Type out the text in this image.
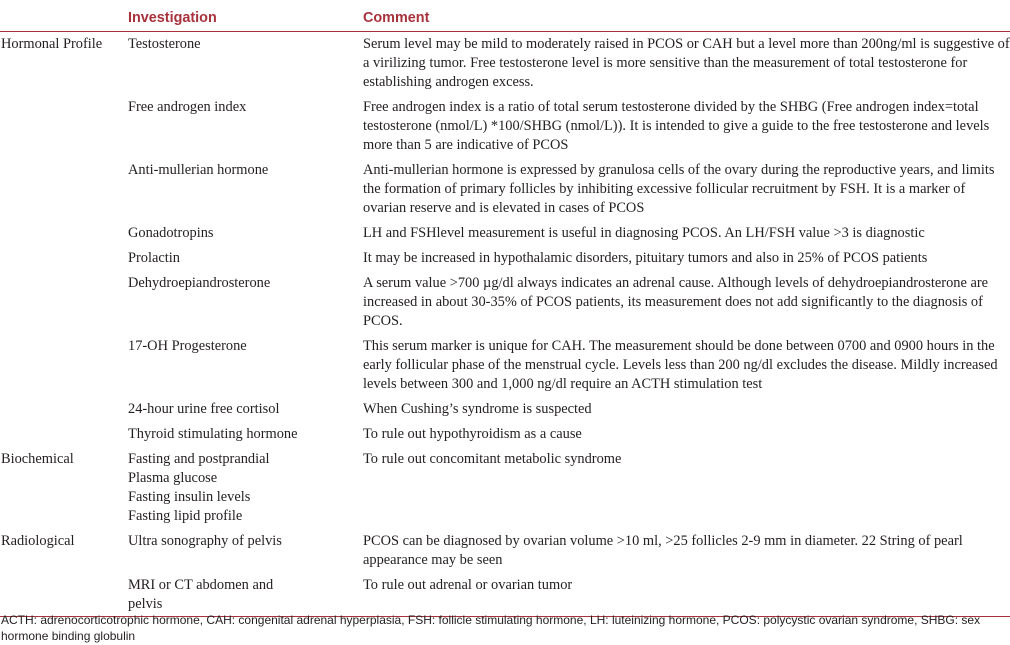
	Investigation	Comment
Hormonal Profile	Testosterone	Serum level may be mild to moderately raised in PCOS or CAH but a level more than 200ng/ml is suggestive of a virilizing tumor. Free testosterone level is more sensitive than the measurement of total testosterone for establishing androgen excess.

	Free androgen index	Free androgen index is a ratio of total serum testosterone divided by the SHBG (Free androgen index=total testosterone (nmol/L) *100/SHBG (nmol/L)). It is intended to give a guide to the free testosterone and levels more than 5 are indicative of PCOS

	Anti-mullerian hormone	Anti-mullerian hormone is expressed by granulosa cells of the ovary during the reproductive years, and limits the formation of primary follicles by inhibiting excessive follicular recruitment by FSH. It is a marker of ovarian reserve and is elevated in cases of PCOS

	Gonadotropins	LH and FSHlevel measurement is useful in diagnosing PCOS. An LH/FSH value >3 is diagnostic

	Prolactin	It may be increased in hypothalamic disorders, pituitary tumors and also in 25% of PCOS patients

	Dehydroepiandrosterone	A serum value >700 µg/dl always indicates an adrenal cause. Although levels of dehydroepiandrosterone are increased in about 30-35% of PCOS patients, its measurement does not add significantly to the diagnosis of PCOS.

	17-OH Progesterone	This serum marker is unique for CAH. The measurement should be done between 0700 and 0900 hours in the early follicular phase of the menstrual cycle. Levels less than 200 ng/dl excludes the disease. Mildly increased levels between 300 and 1,000 ng/dl require an ACTH stimulation test

	24-hour urine free cortisol	When Cushing’s syndrome is suspected

	Thyroid stimulating hormone	To rule out hypothyroidism as a cause
Biochemical	Fasting and postprandial
Plasma glucose
Fasting insulin levels
Fasting lipid profile	To rule out concomitant metabolic syndrome
Radiological	Ultra sonography of pelvis	PCOS can be diagnosed by ovarian volume >10 ml, >25 follicles 2-9 mm in diameter. 22 String of pearl appearance may be seen

	MRI or CT abdomen and
pelvis	To rule out adrenal or ovarian tumor
ACTH: adrenocorticotrophic hormone, CAH: congenital adrenal hyperplasia, FSH: follicle stimulating hormone, LH: luteinizing hormone, PCOS: polycystic ovarian syndrome, SHBG: sex hormone binding globulin
